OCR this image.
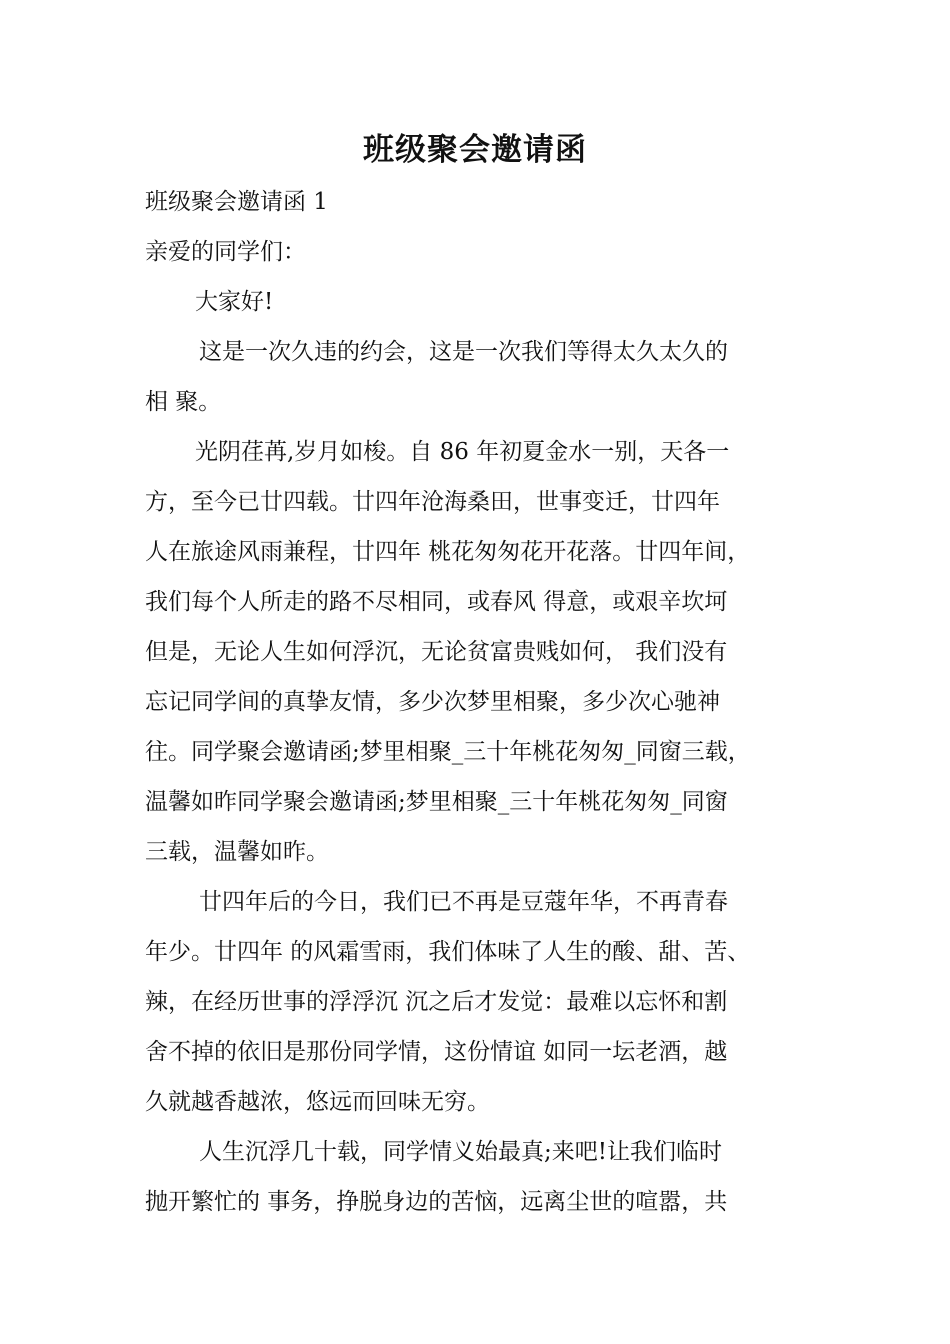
班级聚会邀请函
班级聚会邀请函 1
亲爱的同学们：
大家好!
这是一次久违的约会，这是一次我们等得太久太久的
相 聚。
光阴荏苒,岁月如梭。自 86 年初夏金水一别，天各一
方，至今已廿四载。廿四年沧海桑田，世事变迁，廿四年
人在旅途风雨兼程，廿四年 桃花匆匆花开花落。廿四年间，
我们每个人所走的路不尽相同，或春风 得意，或艰辛坎坷
但是，无论人生如何浮沉，无论贫富贵贱如何， 我们没有
忘记同学间的真挚友情，多少次梦里相聚，多少次心驰神
往。同学聚会邀请函;梦里相聚_三十年桃花匆匆_同窗三载，
温馨如昨同学聚会邀请函;梦里相聚_三十年桃花匆匆_同窗
三载，温馨如昨。
廿四年后的今日，我们已不再是豆蔻年华，不再青春
年少。廿四年 的风霜雪雨，我们体味了人生的酸、甜、苦、
辣，在经历世事的浮浮沉 沉之后才发觉：最难以忘怀和割
舍不掉的依旧是那份同学情，这份情谊 如同一坛老酒，越
久就越香越浓，悠远而回味无穷。
人生沉浮几十载，同学情义始最真;来吧!让我们临时
抛开繁忙的 事务，挣脱身边的苦恼，远离尘世的喧嚣，共
